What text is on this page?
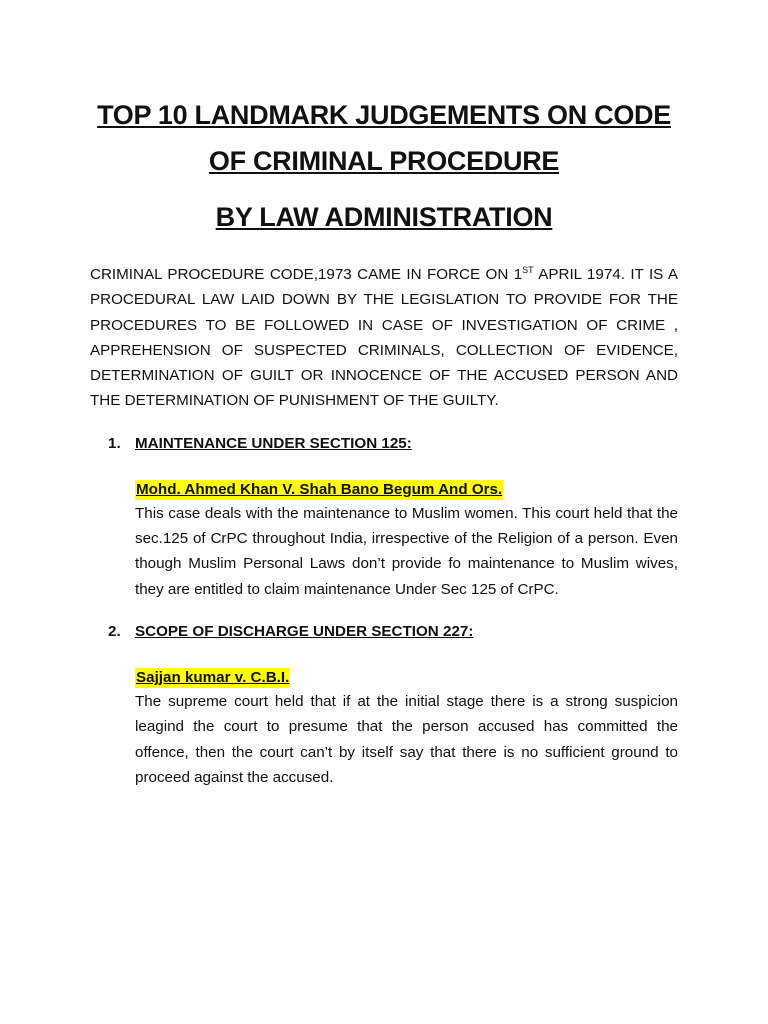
TOP 10 LANDMARK JUDGEMENTS ON CODE

OF CRIMINAL PROCEDURE

BY LAW ADMINISTRATION

CRIMINAL PROCEDURE CODE,1973 CAME IN FORCE ON 1ST APRIL 1974. IT IS A PROCEDURAL LAW LAID DOWN BY THE LEGISLATION TO PROVIDE FOR THE PROCEDURES TO BE FOLLOWED IN CASE OF INVESTIGATION OF CRIME , APPREHENSION OF SUSPECTED CRIMINALS, COLLECTION OF EVIDENCE, DETERMINATION OF GUILT OR INNOCENCE OF THE ACCUSED PERSON AND THE DETERMINATION OF PUNISHMENT OF THE GUILTY.

1. MAINTENANCE UNDER SECTION 125:
Mohd. Ahmed Khan V. Shah Bano Begum And Ors.

This case deals with the maintenance to Muslim women. This court held that the sec.125 of CrPC throughout India, irrespective of the Religion of a person. Even though Muslim Personal Laws don’t provide fo maintenance to Muslim wives, they are entitled to claim maintenance Under Sec 125 of CrPC.

2. SCOPE OF DISCHARGE UNDER SECTION 227:
Sajjan kumar v. C.B.I.

The supreme court held that if at the initial stage there is a strong suspicion leagind the court to presume that the person accused has committed the offence, then the court can’t by itself say that there is no sufficient ground to proceed against the accused.
